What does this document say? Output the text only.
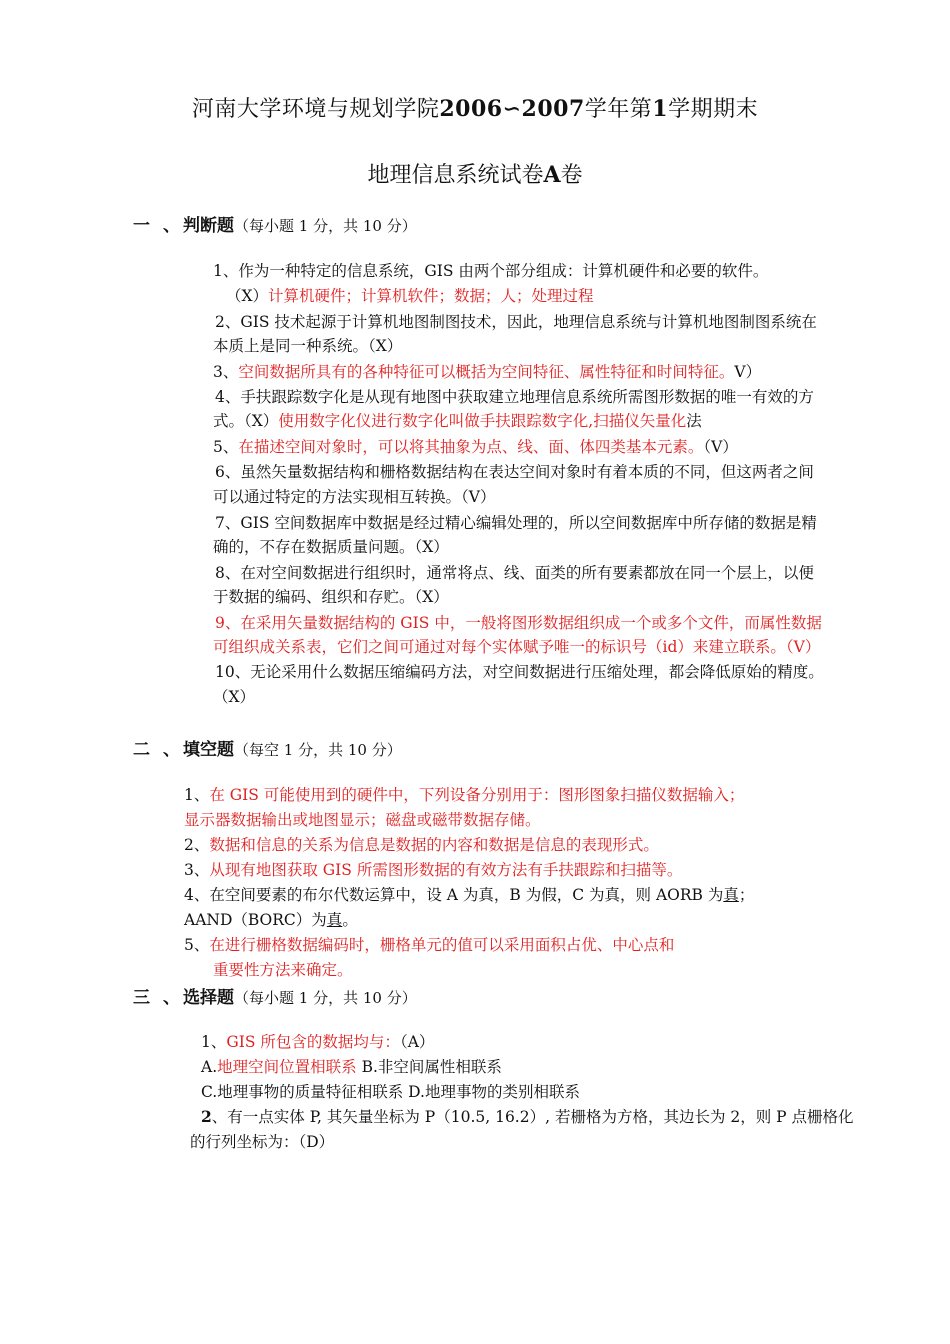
河南大学环境与规划学院2006∽2007学年第1学期期末
地理信息系统试卷A卷
一 、 判断题（每小题 1 分，共 10 分）
1、作为一种特定的信息系统，GIS 由两个部分组成：计算机硬件和必要的软件。
（X）计算机硬件；计算机软件；数据；人；处理过程
2、GIS 技术起源于计算机地图制图技术，因此，地理信息系统与计算机地图制图系统在
本质上是同一种系统。（X）
3、空间数据所具有的各种特征可以概括为空间特征、属性特征和时间特征。V）
4、手扶跟踪数字化是从现有地图中获取建立地理信息系统所需图形数据的唯一有效的方
式。（X）使用数字化仪进行数字化叫做手扶跟踪数字化,扫描仪矢量化法
5、在描述空间对象时，可以将其抽象为点、线、面、体四类基本元素。（V）
6、虽然矢量数据结构和栅格数据结构在表达空间对象时有着本质的不同，但这两者之间
可以通过特定的方法实现相互转换。（V）
7、GIS 空间数据库中数据是经过精心编辑处理的，所以空间数据库中所存储的数据是精
确的，不存在数据质量问题。（X）
8、在对空间数据进行组织时，通常将点、线、面类的所有要素都放在同一个层上，以便
于数据的编码、组织和存贮。（X）
9、在采用矢量数据结构的 GIS 中，一般将图形数据组织成一个或多个文件，而属性数据
可组织成关系表，它们之间可通过对每个实体赋予唯一的标识号（id）来建立联系。（V）
10、无论采用什么数据压缩编码方法，对空间数据进行压缩处理，都会降低原始的精度。
（X）
二 、 填空题（每空 1 分，共 10 分）
1、在 GIS 可能使用到的硬件中，下列设备分别用于：图形图象扫描仪数据输入；
显示器数据输出或地图显示；磁盘或磁带数据存储。
2、数据和信息的关系为信息是数据的内容和数据是信息的表现形式。
3、从现有地图获取 GIS 所需图形数据的有效方法有手扶跟踪和扫描等。
4、在空间要素的布尔代数运算中，设 A 为真，B 为假，C 为真，则 AORB 为真；
AAND（BORC）为真。
5、在进行栅格数据编码时，栅格单元的值可以采用面积占优、中心点和
重要性方法来确定。
三 、 选择题（每小题 1 分，共 10 分）
1、GIS 所包含的数据均与：（A）
A.地理空间位置相联系 B.非空间属性相联系
C.地理事物的质量特征相联系 D.地理事物的类别相联系
2、有一点实体 P, 其矢量坐标为 P（10.5, 16.2）, 若栅格为方格，其边长为 2，则 P 点栅格化
的行列坐标为：（D）
